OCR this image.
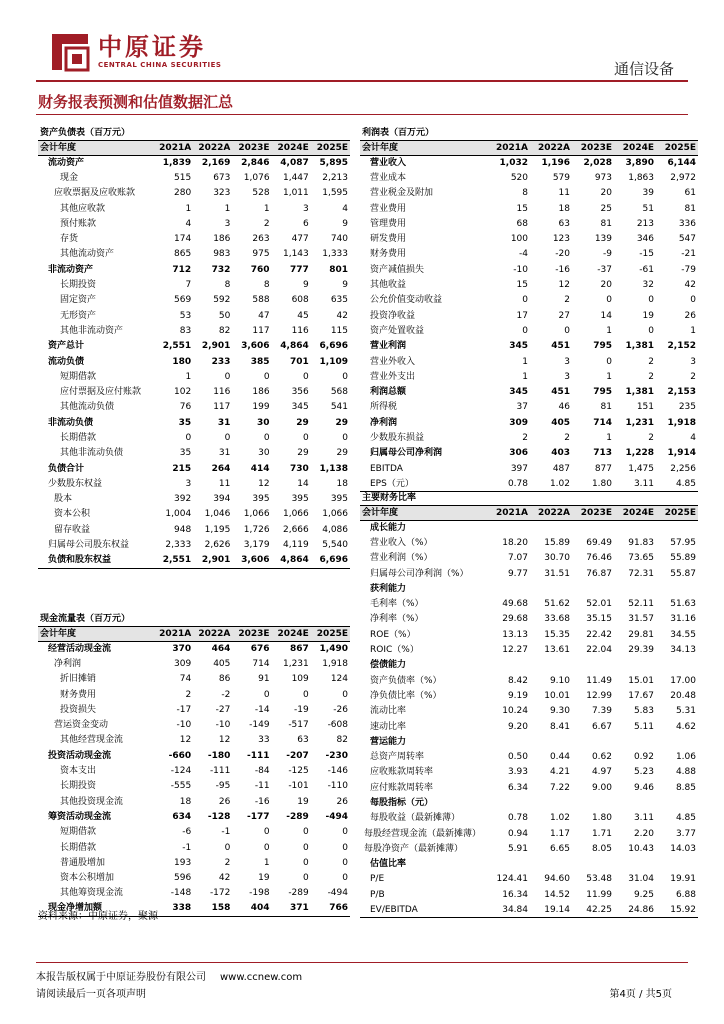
中原证券
CENTRAL CHINA SECURITIES	通信设备
财务报表预测和估值数据汇总
资产负债表（百万元）					
会计年度	2021A	2022A	2023E	2024E	2025E
流动资产	1,839	2,169	2,846	4,087	5,895
现金	515	673	1,076	1,447	2,213
应收票据及应收账款	280	323	528	1,011	1,595
其他应收款	1	1	1	3	4
预付账款	4	3	2	6	9
存货	174	186	263	477	740
其他流动资产	865	983	975	1,143	1,333
非流动资产	712	732	760	777	801
长期投资	7	8	8	9	9
固定资产	569	592	588	608	635
无形资产	53	50	47	45	42
其他非流动资产	83	82	117	116	115
资产总计	2,551	2,901	3,606	4,864	6,696
流动负债	180	233	385	701	1,109
短期借款	1	0	0	0	0
应付票据及应付账款	102	116	186	356	568
其他流动负债	76	117	199	345	541
非流动负债	35	31	30	29	29
长期借款	0	0	0	0	0
其他非流动负债	35	31	30	29	29
负债合计	215	264	414	730	1,138
少数股东权益	3	11	12	14	18
股本	392	394	395	395	395
资本公积	1,004	1,046	1,066	1,066	1,066
留存收益	948	1,195	1,726	2,666	4,086
归属母公司股东权益	2,333	2,626	3,179	4,119	5,540
负债和股东权益	2,551	2,901	3,606	4,864	6,696
现金流量表（百万元）					
会计年度	2021A	2022A	2023E	2024E	2025E
经营活动现金流	370	464	676	867	1,490
净利润	309	405	714	1,231	1,918
折旧摊销	74	86	91	109	124
财务费用	2	-2	0	0	0
投资损失	-17	-27	-14	-19	-26
营运资金变动	-10	-10	-149	-517	-608
其他经营现金流	12	12	33	63	82
投资活动现金流	-660	-180	-111	-207	-230
资本支出	-124	-111	-84	-125	-146
长期投资	-555	-95	-11	-101	-110
其他投资现金流	18	26	-16	19	26
筹资活动现金流	634	-128	-177	-289	-494
短期借款	-6	-1	0	0	0
长期借款	-1	0	0	0	0
普通股增加	193	2	1	0	0
资本公积增加	596	42	19	0	0
其他筹资现金流	-148	-172	-198	-289	-494
现金净增加额	338	158	404	371	766
利润表（百万元）					
会计年度	2021A	2022A	2023E	2024E	2025E
营业收入	1,032	1,196	2,028	3,890	6,144
营业成本	520	579	973	1,863	2,972
营业税金及附加	8	11	20	39	61
营业费用	15	18	25	51	81
管理费用	68	63	81	213	336
研发费用	100	123	139	346	547
财务费用	-4	-20	-9	-15	-21
资产减值损失	-10	-16	-37	-61	-79
其他收益	15	12	20	32	42
公允价值变动收益	0	2	0	0	0
投资净收益	17	27	14	19	26
资产处置收益	0	0	1	0	1
营业利润	345	451	795	1,381	2,152
营业外收入	1	3	0	2	3
营业外支出	1	3	1	2	2
利润总额	345	451	795	1,381	2,153
所得税	37	46	81	151	235
净利润	309	405	714	1,231	1,918
少数股东损益	2	2	1	2	4
归属母公司净利润	306	403	713	1,228	1,914
EBITDA	397	487	877	1,475	2,256
EPS（元）	0.78	1.02	1.80	3.11	4.85
主要财务比率					
会计年度	2021A	2022A	2023E	2024E	2025E
成长能力					
营业收入（%）	18.20	15.89	69.49	91.83	57.95
营业利润（%）	7.07	30.70	76.46	73.65	55.89
归属母公司净利润（%）	9.77	31.51	76.87	72.31	55.87
获利能力					
毛利率（%）	49.68	51.62	52.01	52.11	51.63
净利率（%）	29.68	33.68	35.15	31.57	31.16
ROE（%）	13.13	15.35	22.42	29.81	34.55
ROIC（%）	12.27	13.61	22.04	29.39	34.13
偿债能力					
资产负债率（%）	8.42	9.10	11.49	15.01	17.00
净负债比率（%）	9.19	10.01	12.99	17.67	20.48
流动比率	10.24	9.30	7.39	5.83	5.31
速动比率	9.20	8.41	6.67	5.11	4.62
营运能力					
总资产周转率	0.50	0.44	0.62	0.92	1.06
应收账款周转率	3.93	4.21	4.97	5.23	4.88
应付账款周转率	6.34	7.22	9.00	9.46	8.85
每股指标（元）					
每股收益（最新摊薄）	0.78	1.02	1.80	3.11	4.85
每股经营现金流（最新摊薄）	0.94	1.17	1.71	2.20	3.77
每股净资产（最新摊薄）	5.91	6.65	8.05	10.43	14.03
估值比率					
P/E	124.41	94.60	53.48	31.04	19.91
P/B	16.34	14.52	11.99	9.25	6.88
EV/EBITDA	34.84	19.14	42.25	24.86	15.92
资料来源：中原证券，聚源
本报告版权属于中原证券股份有限公司 www.ccnew.com
请阅读最后一页各项声明	第4页 / 共5页
